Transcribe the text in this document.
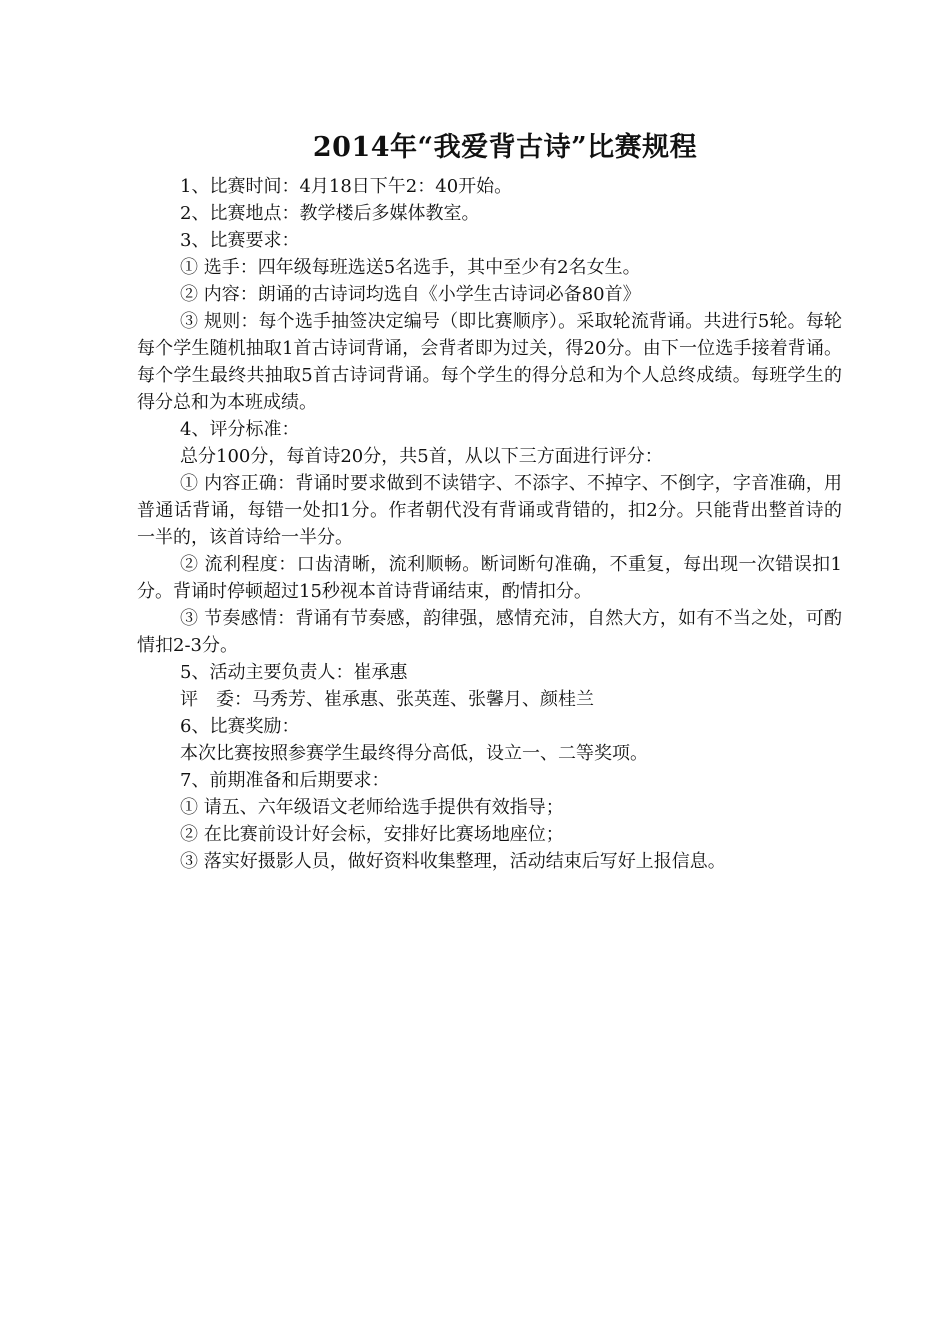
2014年“我爱背古诗”比赛规程

1、比赛时间：4月18日下午2：40开始。

2、比赛地点：教学楼后多媒体教室。

3、比赛要求：

① 选手：四年级每班选送5名选手，其中至少有2名女生。

② 内容：朗诵的古诗词均选自《小学生古诗词必备80首》

③ 规则：每个选手抽签决定编号（即比赛顺序）。采取轮流背诵。共进行5轮。每轮每个学生随机抽取1首古诗词背诵，会背者即为过关，得20分。由下一位选手接着背诵。每个学生最终共抽取5首古诗词背诵。每个学生的得分总和为个人总终成绩。每班学生的得分总和为本班成绩。

4、评分标准：

总分100分，每首诗20分，共5首，从以下三方面进行评分：

① 内容正确：背诵时要求做到不读错字、不添字、不掉字、不倒字，字音准确，用普通话背诵，每错一处扣1分。作者朝代没有背诵或背错的，扣2分。只能背出整首诗的一半的，该首诗给一半分。

② 流利程度：口齿清晰，流利顺畅。断词断句准确，不重复，每出现一次错误扣1分。背诵时停顿超过15秒视本首诗背诵结束，酌情扣分。

③ 节奏感情：背诵有节奏感，韵律强，感情充沛，自然大方，如有不当之处，可酌情扣2-3分。

5、活动主要负责人：崔承惠

评　委：马秀芳、崔承惠、张英莲、张馨月、颜桂兰

6、比赛奖励：

本次比赛按照参赛学生最终得分高低，设立一、二等奖项。

7、前期准备和后期要求：

① 请五、六年级语文老师给选手提供有效指导；

② 在比赛前设计好会标，安排好比赛场地座位；

③ 落实好摄影人员，做好资料收集整理，活动结束后写好上报信息。
